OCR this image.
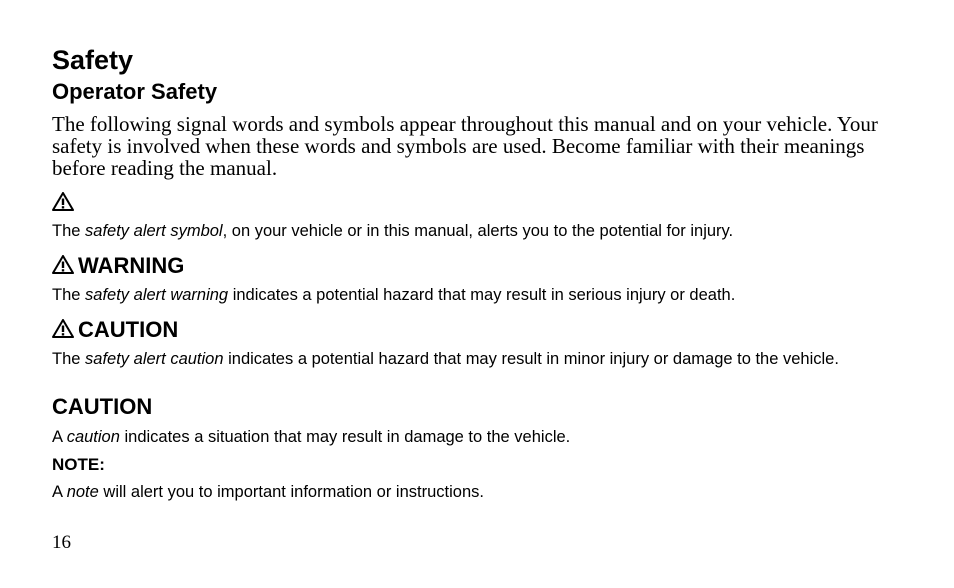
Safety
Operator Safety

The following signal words and symbols appear throughout this manual and on your vehicle. Your safety is involved when these words and symbols are used. Become familiar with their meanings before reading the manual.

The safety alert symbol, on your vehicle or in this manual, alerts you to the potential for injury.

WARNING

The safety alert warning indicates a potential hazard that may result in serious injury or death.

CAUTION

The safety alert caution indicates a potential hazard that may result in minor injury or damage to the vehicle.

CAUTION

A caution indicates a situation that may result in damage to the vehicle.

NOTE:

A note will alert you to important information or instructions.

16
